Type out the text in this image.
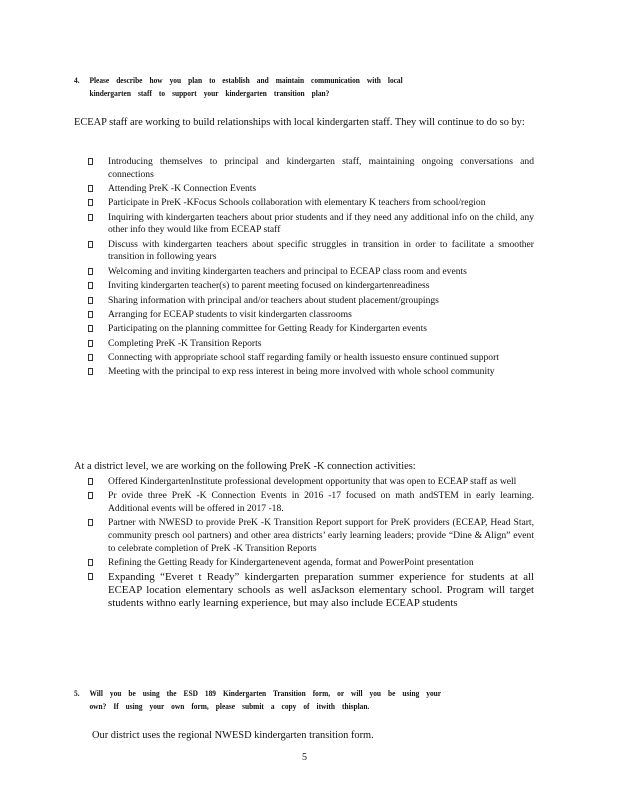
4. Please describe how you plan to establish and maintain communication with local
kindergarten staff to support your kindergarten transition plan?
ECEAP staff are working to build relationships with local kindergarten staff. They will continue to do so by:
Introducing themselves to principal and kindergarten staff, maintaining ongoing conversations and connections
Attending PreK -K Connection Events
Participate in PreK -KFocus Schools collaboration with elementary K teachers from school/region
Inquiring with kindergarten teachers about prior students and if they need any additional info on the child, any other info they would like from ECEAP staff
Discuss with kindergarten teachers about specific struggles in transition in order to facilitate a smoother transition in following years
Welcoming and inviting kindergarten teachers and principal to ECEAP class room and events
Inviting kindergarten teacher(s) to parent meeting focused on kindergartenreadiness
Sharing information with principal and/or teachers about student placement/groupings
Arranging for ECEAP students to visit kindergarten classrooms
Participating on the planning committee for Getting Ready for Kindergarten events
Completing PreK -K Transition Reports
Connecting with appropriate school staff regarding family or health issuesto ensure continued support
Meeting with the principal to exp ress interest in being more involved with whole school community
At a district level, we are working on the following PreK -K connection activities:
Offered KindergartenInstitute professional development opportunity that was open to ECEAP staff as well
Pr ovide three PreK -K Connection Events in 2016 -17 focused on math andSTEM in early learning. Additional events will be offered in 2017 -18.
Partner with NWESD to provide PreK -K Transition Report support for PreK providers (ECEAP, Head Start, community presch ool partners) and other area districts’ early learning leaders; provide “Dine & Align” event to celebrate completion of PreK -K Transition Reports
Refining the Getting Ready for Kindergartenevent agenda, format and PowerPoint presentation
Expanding “Everet t Ready” kindergarten preparation summer experience for students at all ECEAP location elementary schools as well asJackson elementary school. Program will target students withno early learning experience, but may also include ECEAP students
5. Will you be using the ESD 189 Kindergarten Transition form, or will you be using your
own? If using your own form, please submit a copy of itwith thisplan.
Our district uses the regional NWESD kindergarten transition form.
5
